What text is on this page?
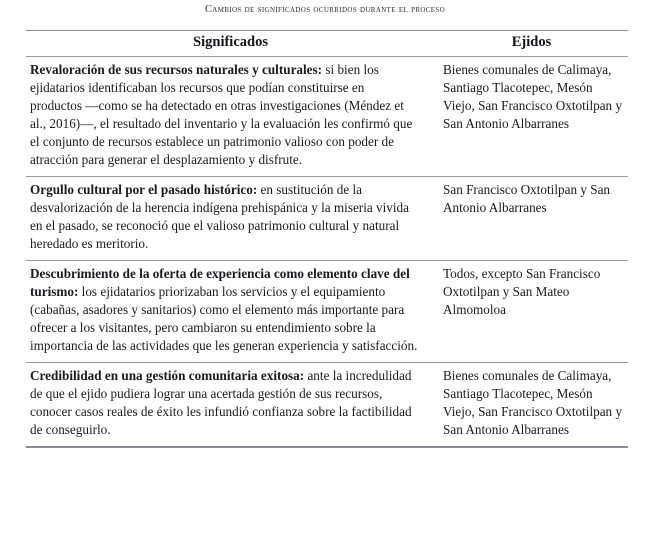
Cambios de significados ocurridos durante el proceso
Significados	Ejidos
Revaloración de sus recursos naturales y culturales: si bien los ejidatarios identificaban los recursos que podían constituirse en productos —como se ha detectado en otras investigaciones (Méndez et al., 2016)—, el resultado del inventario y la evaluación les confirmó que el conjunto de recursos establece un patrimonio valioso con poder de atracción para generar el desplazamiento y disfrute.	Bienes comunales de Calimaya, Santiago Tlacotepec, Mesón Viejo, San Francisco Oxtotilpan y San Antonio Albarranes
Orgullo cultural por el pasado histórico: en sustitución de la desvalorización de la herencia indígena prehispánica y la miseria vivida en el pasado, se reconoció que el valioso patrimonio cultural y natural heredado es meritorio.	San Francisco Oxtotilpan y San Antonio Albarranes
Descubrimiento de la oferta de experiencia como elemento clave del turismo: los ejidatarios priorizaban los servicios y el equipamiento (cabañas, asadores y sanitarios) como el elemento más importante para ofrecer a los visitantes, pero cambiaron su entendimiento sobre la importancia de las actividades que les generan experiencia y satisfacción.	Todos, excepto San Francisco Oxtotilpan y San Mateo Almomoloa
Credibilidad en una gestión comunitaria exitosa: ante la incredulidad de que el ejido pudiera lograr una acertada gestión de sus recursos, conocer casos reales de éxito les infundió confianza sobre la factibilidad de conseguirlo.	Bienes comunales de Calimaya, Santiago Tlacotepec, Mesón Viejo, San Francisco Oxtotilpan y San Antonio Albarranes
